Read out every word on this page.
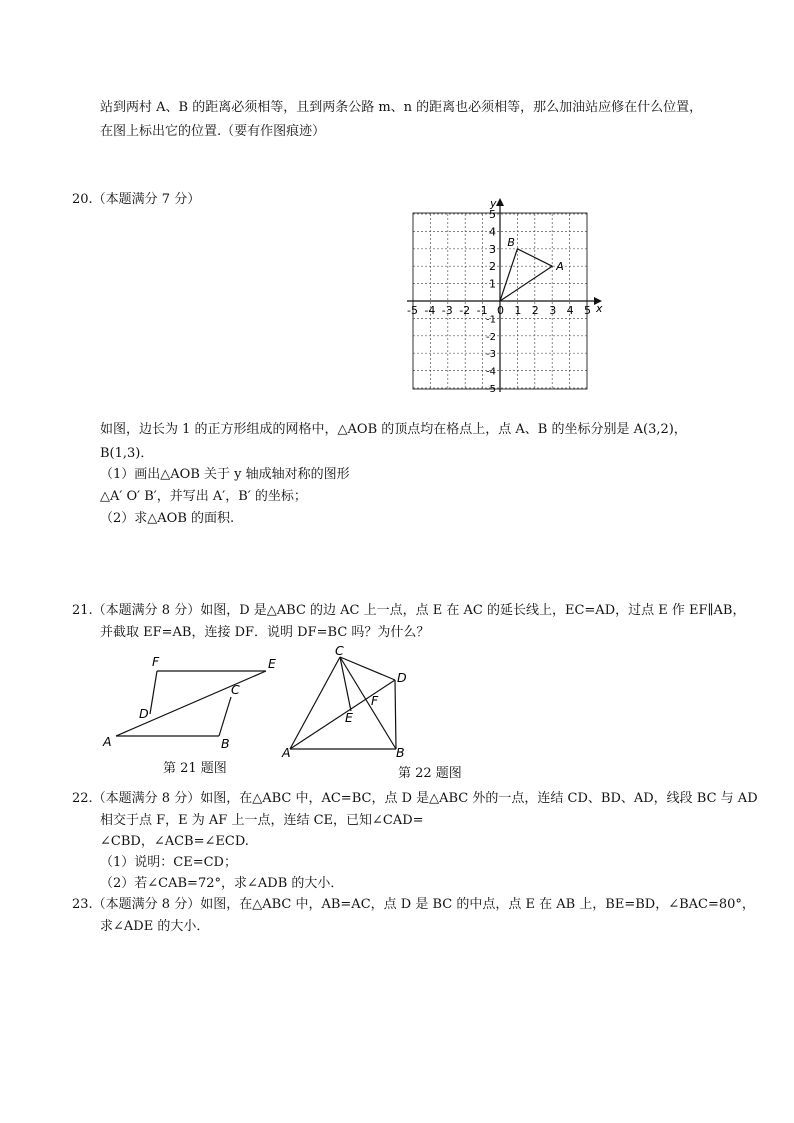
站到两村 A、B 的距离必须相等，且到两条公路 m、n 的距离也必须相等，那么加油站应修在什么位置，
在图上标出它的位置.（要有作图痕迹）
20.（本题满分 7 分）
x
y
-5 -4 -3 -2 -1 0 1 2 3 4 5
5
4
3
2
1
-1
-2
-3
-4
-5
A
B
如图，边长为 1 的正方形组成的网格中，△AOB 的顶点均在格点上，点 A、B 的坐标分别是 A(3,2)，
B(1,3)．
（1）画出△AOB 关于 y 轴成轴对称的图形
△A′ O′ B′，并写出 A′，B′ 的坐标；
（2）求△AOB 的面积.
21.（本题满分 8 分）如图，D 是△ABC 的边 AC 上一点，点 E 在 AC 的延长线上，EC=AD，过点 E 作 EF∥AB，
并截取 EF=AB，连接 DF．说明 DF=BC 吗？为什么？
F	E
C
D
A	B
第 21 题图
C
D
F
E
A	B
第 22 题图
22.（本题满分 8 分）如图，在△ABC 中，AC=BC，点 D 是△ABC 外的一点，连结 CD、BD、AD，线段 BC 与 AD
相交于点 F，E 为 AF 上一点，连结 CE，已知∠CAD=
∠CBD，∠ACB=∠ECD.
（1）说明：CE=CD；
（2）若∠CAB=72°，求∠ADB 的大小．
23.（本题满分 8 分）如图，在△ABC 中，AB=AC，点 D 是 BC 的中点，点 E 在 AB 上，BE=BD，∠BAC=80°，
求∠ADE 的大小．
